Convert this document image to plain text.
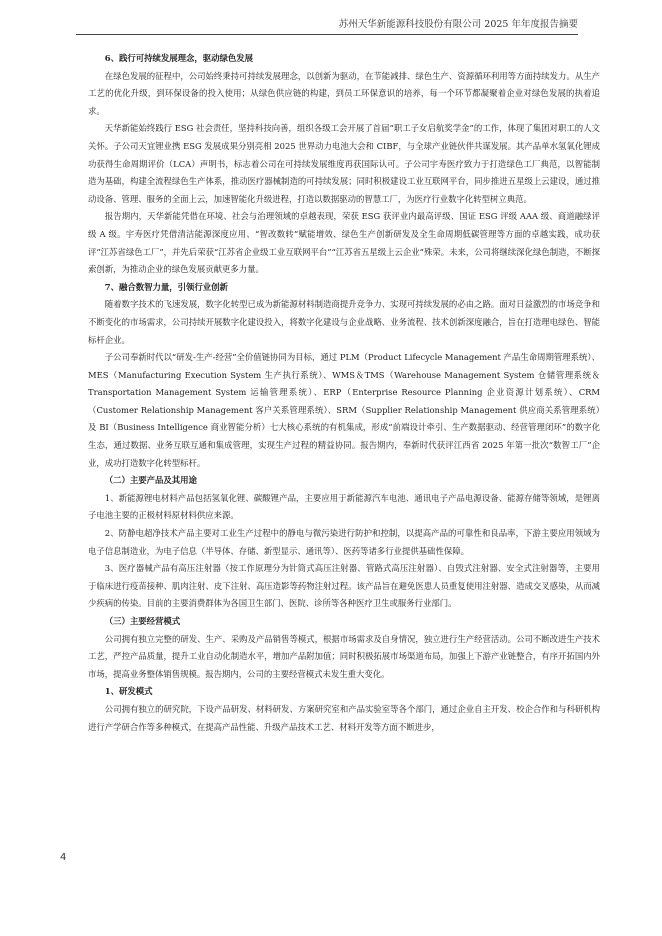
苏州天华新能源科技股份有限公司 2025 年年度报告摘要

6、践行可持续发展理念，驱动绿色发展

在绿色发展的征程中，公司始终秉持可持续发展理念，以创新为驱动，在节能减排、绿色生产、资源循环利用等方面持续发力。从生产工艺的优化升级，到环保设备的投入使用；从绿色供应链的构建，到员工环保意识的培养，每一个环节都凝聚着企业对绿色发展的执着追求。

天华新能始终践行 ESG 社会责任，坚持科技向善，组织各级工会开展了首届“职工子女启航奖学金”的工作，体现了集团对职工的人文关怀。子公司天宜锂业携 ESG 发展成果分别亮相 2025 世界动力电池大会和 CIBF，与全球产业链伙伴共谋发展。其产品单水氢氧化锂成功获得生命周期评价（LCA）声明书，标志着公司在可持续发展维度再获国际认可。子公司宇寿医疗致力于打造绿色工厂典范，以智能制造为基础，构建全流程绿色生产体系，推动医疗器械制造的可持续发展；同时积极建设工业互联网平台，同步推进五星级上云建设，通过推动设备、管理、服务的全面上云，加速智能化升级进程，打造以数据驱动的智慧工厂，为医疗行业数字化转型树立典范。

报告期内，天华新能凭借在环境、社会与治理领域的卓越表现，荣获 ESG 获评业内最高评级、国证 ESG 评级 AAA 级、商道融绿评级 A 级。宇寿医疗凭借清洁能源深度应用、“智改数转”赋能增效、绿色生产创新研发及全生命周期低碳管理等方面的卓越实践，成功获评“江苏省绿色工厂”，并先后荣获“江苏省企业级工业互联网平台”“江苏省五星级上云企业”殊荣。未来，公司将继续深化绿色制造，不断探索创新，为推动企业的绿色发展贡献更多力量。

7、融合数智力量，引领行业创新

随着数字技术的飞速发展，数字化转型已成为新能源材料制造商提升竞争力、实现可持续发展的必由之路。面对日益激烈的市场竞争和不断变化的市场需求，公司持续开展数字化建设投入，将数字化建设与企业战略、业务流程、技术创新深度融合，旨在打造理电绿色、智能标杆企业。

子公司奉新时代以“研发-生产-经营”全价值链协同为目标，通过 PLM（Product Lifecycle Management 产品生命周期管理系统）、MES（Manufacturing Execution System 生产执行系统）、WMS＆TMS（Warehouse Management System 仓储管理系统＆Transportation Management System 运输管理系统）、ERP（Enterprise Resource Planning 企业资源计划系统）、CRM（Customer Relationship Management 客户关系管理系统）、SRM（Supplier Relationship Management 供应商关系管理系统）及 BI（Business Intelligence 商业智能分析）七大核心系统的有机集成，形成“前端设计牵引、生产数据驱动、经营管理闭环”的数字化生态，通过数据、业务互联互通和集成管理，实现生产过程的精益协同。报告期内，奉新时代获评江西省 2025 年第一批次“数智工厂”企业，成功打造数字化转型标杆。

（二）主要产品及其用途

1、新能源锂电材料产品包括氢氧化锂、碳酸锂产品，主要应用于新能源汽车电池、通讯电子产品电源设备、能源存储等领域，是锂离子电池主要的正极材料原材料供应来源。

2、防静电超净技术产品主要对工业生产过程中的静电与微污染进行防护和控制，以提高产品的可靠性和良品率，下游主要应用领域为电子信息制造业，为电子信息（半导体、存储、新型显示、通讯等）、医药等诸多行业提供基础性保障。

3、医疗器械产品有高压注射器（按工作原理分为针筒式高压注射器、管路式高压注射器）、自毁式注射器、安全式注射器等，主要用于临床进行疫苗接种、肌肉注射、皮下注射、高压造影等药物注射过程。该产品旨在避免医患人员重复使用注射器、造成交叉感染，从而减少疾病的传染。目前的主要消费群体为各国卫生部门、医院、诊所等各种医疗卫生或服务行业部门。

（三）主要经营模式

公司拥有独立完整的研发、生产、采购及产品销售等模式，根据市场需求及自身情况，独立进行生产经营活动。公司不断改进生产技术工艺，严控产品质量，提升工业自动化制造水平，增加产品附加值；同时积极拓展市场渠道布局，加强上下游产业链整合，有序开拓国内外市场，提高业务整体销售规模。报告期内，公司的主要经营模式未发生重大变化。

1、研发模式

公司拥有独立的研究院，下设产品研发、材料研发、方案研究室和产品实验室等各个部门，通过企业自主开发、校企合作和与科研机构进行产学研合作等多种模式，在提高产品性能、升级产品技术工艺、材料开发等方面不断进步，

4
